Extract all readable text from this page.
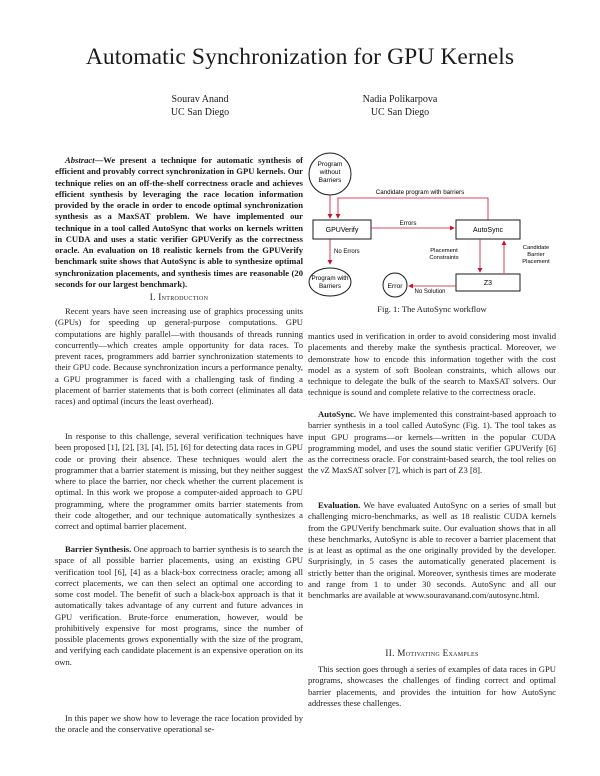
Automatic Synchronization for GPU Kernels
Sourav Anand
UC San Diego
Nadia Polikarpova
UC San Diego

Abstract—We present a technique for automatic synthesis of efficient and provably correct synchronization in GPU kernels. Our technique relies on an off-the-shelf correctness oracle and achieves efficient synthesis by leveraging the race location information provided by the oracle in order to encode optimal synchronization synthesis as a MaxSAT problem. We have implemented our technique in a tool called AutoSync that works on kernels written in CUDA and uses a static verifier GPUVerify as the correctness oracle. An evaluation on 18 realistic kernels from the GPUVerify benchmark suite shows that AutoSync is able to synthesize optimal synchronization placements, and synthesis times are reasonable (20 seconds for our largest benchmark).

I. Introduction

Recent years have seen increasing use of graphics processing units (GPUs) for speeding up general-purpose computations. GPU computations are highly parallel—with thousands of threads running concurrently—which creates ample opportunity for data races. To prevent races, programmers add barrier synchronization statements to their GPU code. Because synchronization incurs a performance penalty, a GPU programmer is faced with a challenging task of finding a placement of barrier statements that is both correct (eliminates all data races) and optimal (incurs the least overhead).

In response to this challenge, several verification techniques have been proposed [1], [2], [3], [4], [5], [6] for detecting data races in GPU code or proving their absence. These techniques would alert the programmer that a barrier statement is missing, but they neither suggest where to place the barrier, nor check whether the current placement is optimal. In this work we propose a computer-aided approach to GPU programming, where the programmer omits barrier statements from their code altogether, and our technique automatically synthesizes a correct and optimal barrier placement.

Barrier Synthesis. One approach to barrier synthesis is to search the space of all possible barrier placements, using an existing GPU verification tool [6], [4] as a black-box correctness oracle; among all correct placements, we can then select an optimal one according to some cost model. The benefit of such a black-box approach is that it automatically takes advantage of any current and future advances in GPU verification. Brute-force enumeration, however, would be prohibitively expensive for most programs, since the number of possible placements grows exponentially with the size of the program, and verifying each candidate placement is an expensive operation on its own.

In this paper we show how to leverage the race location provided by the oracle and the conservative operational se-

Program
without
Barriers
Candidate program with barriers
GPUVerify
Errors
AutoSync
No Errors	Placement
Constraints
Candidate
Barrier
Placement
Program with
Barriers	Error	Z3
No Solution
Fig. 1: The AutoSync workflow

mantics used in verification in order to avoid considering most invalid placements and thereby make the synthesis practical. Moreover, we demonstrate how to encode this information together with the cost model as a system of soft Boolean constraints, which allows our technique to delegate the bulk of the search to MaxSAT solvers. Our technique is sound and complete relative to the correctness oracle.

AutoSync. We have implemented this constraint-based approach to barrier synthesis in a tool called AutoSync (Fig. 1). The tool takes as input GPU programs—or kernels—written in the popular CUDA programming model, and uses the sound static verifier GPUVerify [6] as the correctness oracle. For constraint-based search, the tool relies on the νZ MaxSAT solver [7], which is part of Z3 [8].

Evaluation. We have evaluated AutoSync on a series of small but challenging micro-benchmarks, as well as 18 realistic CUDA kernels from the GPUVerify benchmark suite. Our evaluation shows that in all these benchmarks, AutoSync is able to recover a barrier placement that is at least as optimal as the one originally provided by the developer. Surprisingly, in 5 cases the automatically generated placement is strictly better than the original. Moreover, synthesis times are moderate and range from 1 to under 30 seconds. AutoSync and all our benchmarks are available at www.souravanand.com/autosync.html.

II. Motivating Examples

This section goes through a series of examples of data races in GPU programs, showcases the challenges of finding correct and optimal barrier placements, and provides the intuition for how AutoSync addresses these challenges.
